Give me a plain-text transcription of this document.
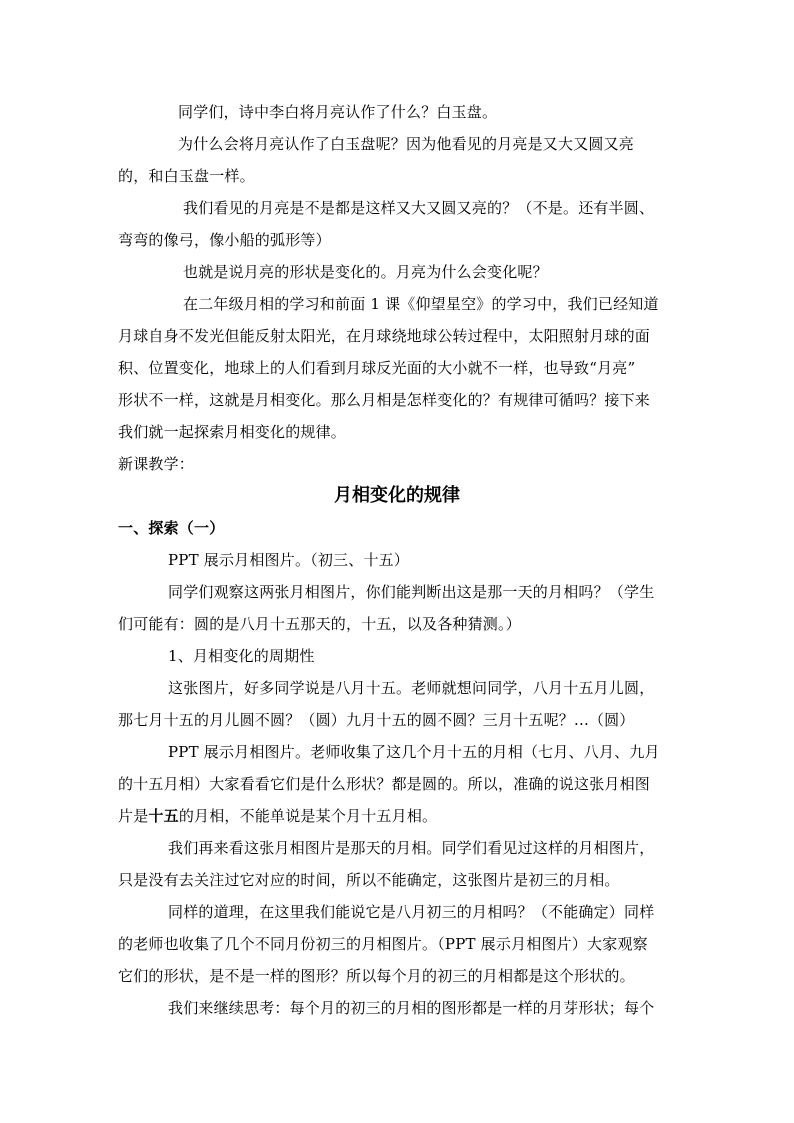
同学们，诗中李白将月亮认作了什么？白玉盘。
为什么会将月亮认作了白玉盘呢？因为他看见的月亮是又大又圆又亮
的，和白玉盘一样。
我们看见的月亮是不是都是这样又大又圆又亮的？（不是。还有半圆、
弯弯的像弓，像小船的弧形等）
也就是说月亮的形状是变化的。月亮为什么会变化呢？
在二年级月相的学习和前面 1 课《仰望星空》的学习中，我们已经知道
月球自身不发光但能反射太阳光，在月球绕地球公转过程中，太阳照射月球的面
积、位置变化，地球上的人们看到月球反光面的大小就不一样，也导致“月亮”
形状不一样，这就是月相变化。那么月相是怎样变化的？有规律可循吗？接下来
我们就一起探索月相变化的规律。
新课教学：
月相变化的规律
一、探索（一）
PPT 展示月相图片。（初三、十五）
同学们观察这两张月相图片，你们能判断出这是那一天的月相吗？（学生
们可能有：圆的是八月十五那天的，十五，以及各种猜测。）
1、月相变化的周期性
这张图片，好多同学说是八月十五。老师就想问同学，八月十五月儿圆，
那七月十五的月儿圆不圆？（圆）九月十五的圆不圆？三月十五呢？...（圆）
PPT 展示月相图片。老师收集了这几个月十五的月相（七月、八月、九月
的十五月相）大家看看它们是什么形状？都是圆的。所以，准确的说这张月相图
片是十五的月相，不能单说是某个月十五月相。
我们再来看这张月相图片是那天的月相。同学们看见过这样的月相图片，
只是没有去关注过它对应的时间，所以不能确定，这张图片是初三的月相。
同样的道理，在这里我们能说它是八月初三的月相吗？（不能确定）同样
的老师也收集了几个不同月份初三的月相图片。（PPT 展示月相图片）大家观察
它们的形状，是不是一样的图形？所以每个月的初三的月相都是这个形状的。
我们来继续思考：每个月的初三的月相的图形都是一样的月芽形状；每个
